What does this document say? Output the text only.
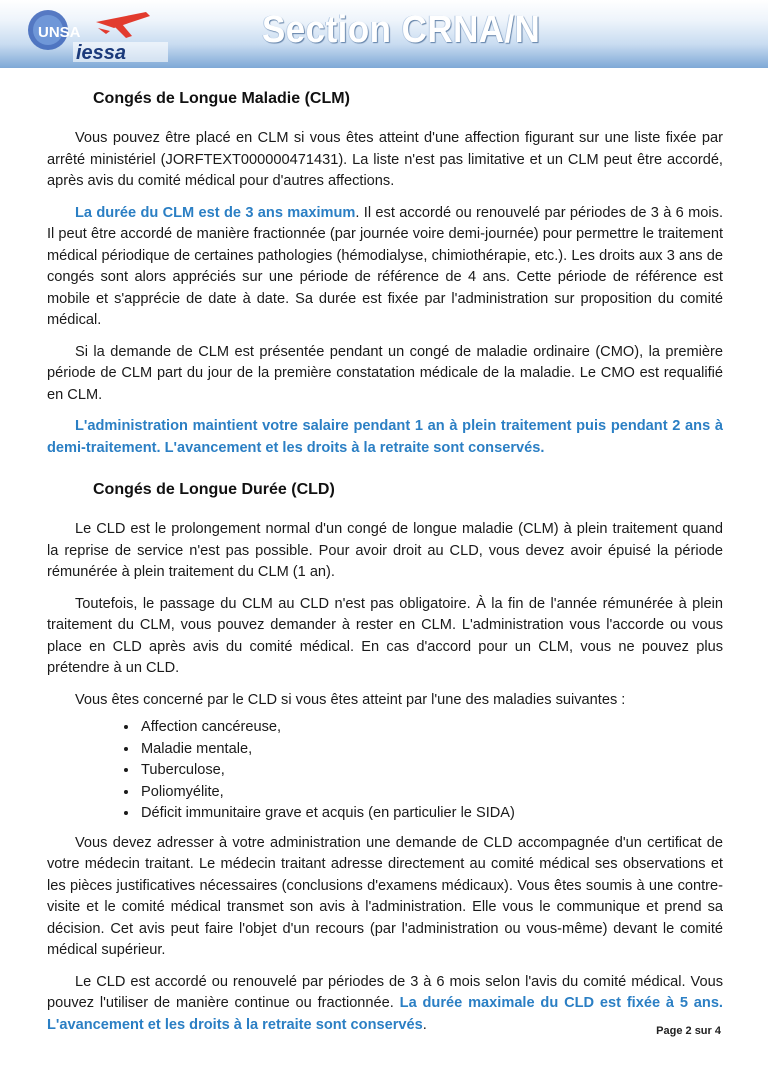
UNSA
iessa
Section CRNA/N
Congés de Longue Maladie (CLM)

Vous pouvez être placé en CLM si vous êtes atteint d'une affection figurant sur une liste fixée par arrêté ministériel (JORFTEXT000000471431). La liste n'est pas limitative et un CLM peut être accordé, après avis du comité médical pour d'autres affections.

La durée du CLM est de 3 ans maximum. Il est accordé ou renouvelé par périodes de 3 à 6 mois. Il peut être accordé de manière fractionnée (par journée voire demi-journée) pour permettre le traitement médical périodique de certaines pathologies (hémodialyse, chimiothérapie, etc.). Les droits aux 3 ans de congés sont alors appréciés sur une période de référence de 4 ans. Cette période de référence est mobile et s'apprécie de date à date. Sa durée est fixée par l'administration sur proposition du comité médical.

Si la demande de CLM est présentée pendant un congé de maladie ordinaire (CMO), la première période de CLM part du jour de la première constatation médicale de la maladie. Le CMO est requalifié en CLM.

L'administration maintient votre salaire pendant 1 an à plein traitement puis pendant 2 ans à demi-traitement. L'avancement et les droits à la retraite sont conservés.

Congés de Longue Durée (CLD)

Le CLD est le prolongement normal d'un congé de longue maladie (CLM) à plein traitement quand la reprise de service n'est pas possible. Pour avoir droit au CLD, vous devez avoir épuisé la période rémunérée à plein traitement du CLM (1 an).

Toutefois, le passage du CLM au CLD n'est pas obligatoire. À la fin de l'année rémunérée à plein traitement du CLM, vous pouvez demander à rester en CLM. L'administration vous l'accorde ou vous place en CLD après avis du comité médical. En cas d'accord pour un CLM, vous ne pouvez plus prétendre à un CLD.

Vous êtes concerné par le CLD si vous êtes atteint par l'une des maladies suivantes :

• Affection cancéreuse,
• Maladie mentale,
• Tuberculose,
• Poliomyélite,
• Déficit immunitaire grave et acquis (en particulier le SIDA)

Vous devez adresser à votre administration une demande de CLD accompagnée d'un certificat de votre médecin traitant. Le médecin traitant adresse directement au comité médical ses observations et les pièces justificatives nécessaires (conclusions d'examens médicaux). Vous êtes soumis à une contre-visite et le comité médical transmet son avis à l'administration. Elle vous le communique et prend sa décision. Cet avis peut faire l'objet d'un recours (par l'administration ou vous-même) devant le comité médical supérieur.

Le CLD est accordé ou renouvelé par périodes de 3 à 6 mois selon l'avis du comité médical. Vous pouvez l'utiliser de manière continue ou fractionnée. La durée maximale du CLD est fixée à 5 ans. L'avancement et les droits à la retraite sont conservés.	Page 2 sur 4
